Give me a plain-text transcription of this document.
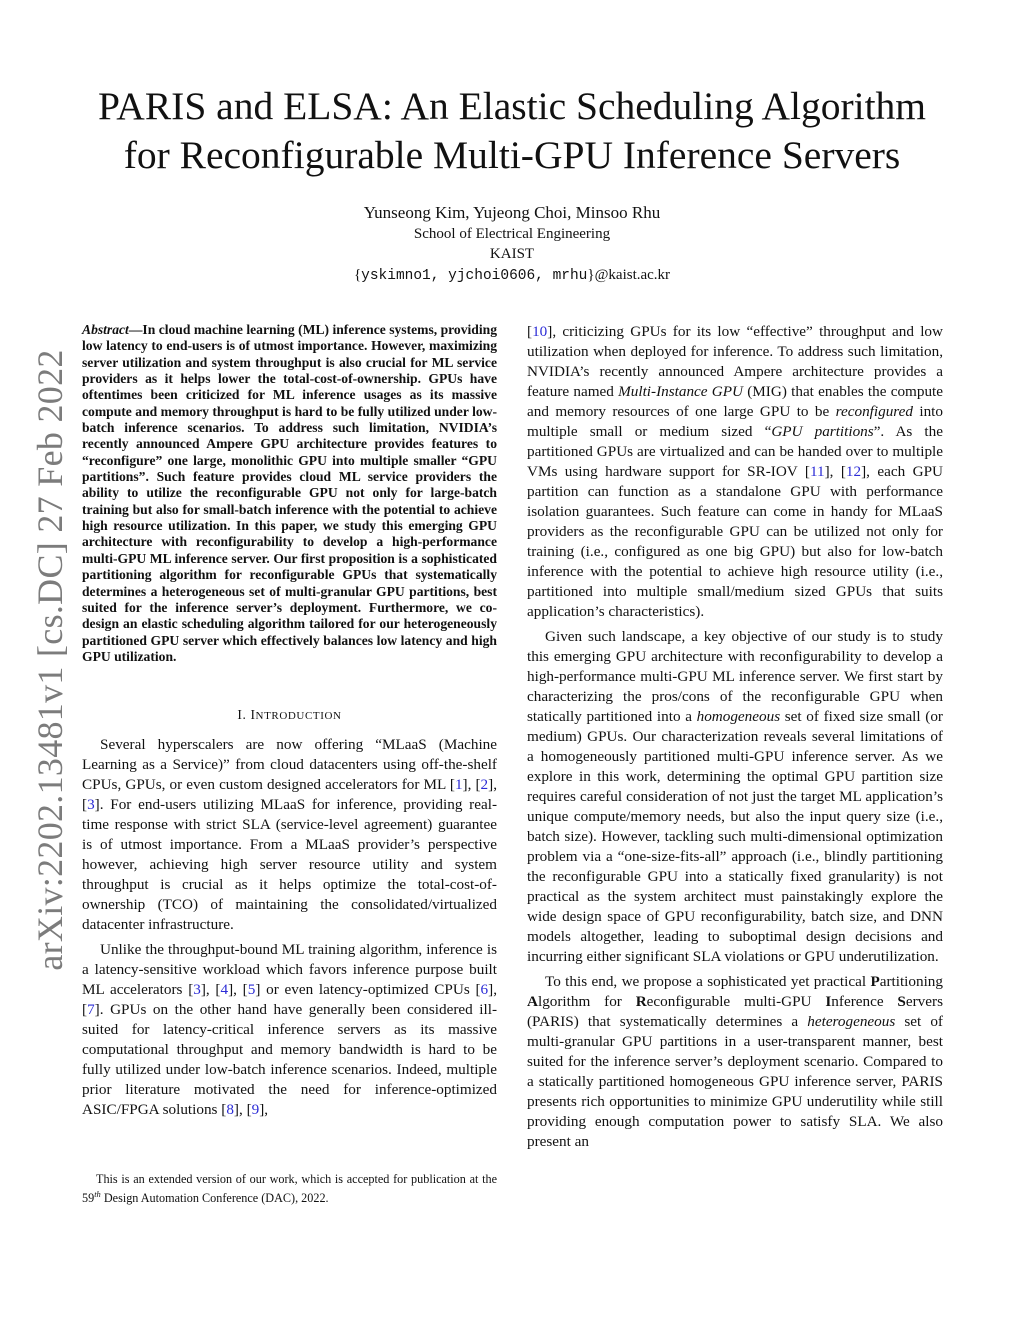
arXiv:2202.13481v1 [cs.DC] 27 Feb 2022
PARIS and ELSA: An Elastic Scheduling Algorithm
for Reconfigurable Multi-GPU Inference Servers
Yunseong Kim, Yujeong Choi, Minsoo Rhu
School of Electrical Engineering
KAIST
{yskimno1, yjchoi0606, mrhu}@kaist.ac.kr

Abstract—In cloud machine learning (ML) inference systems, providing low latency to end-users is of utmost importance. However, maximizing server utilization and system throughput is also crucial for ML service providers as it helps lower the total-cost-of-ownership. GPUs have oftentimes been criticized for ML inference usages as its massive compute and memory throughput is hard to be fully utilized under low-batch inference scenarios. To address such limitation, NVIDIA’s recently announced Ampere GPU architecture provides features to “reconfigure” one large, monolithic GPU into multiple smaller “GPU partitions”. Such feature provides cloud ML service providers the ability to utilize the reconfigurable GPU not only for large-batch training but also for small-batch inference with the potential to achieve high resource utilization. In this paper, we study this emerging GPU architecture with reconfigurability to develop a high-performance multi-GPU ML inference server. Our first proposition is a sophisticated partitioning algorithm for reconfigurable GPUs that systematically determines a heterogeneous set of multi-granular GPU partitions, best suited for the inference server’s deployment. Furthermore, we co-design an elastic scheduling algorithm tailored for our heterogeneously partitioned GPU server which effectively balances low latency and high GPU utilization.

I. INTRODUCTION

Several hyperscalers are now offering “MLaaS (Machine Learning as a Service)” from cloud datacenters using off-the-shelf CPUs, GPUs, or even custom designed accelerators for ML [1], [2], [3]. For end-users utilizing MLaaS for inference, providing real-time response with strict SLA (service-level agreement) guarantee is of utmost importance. From a MLaaS provider’s perspective however, achieving high server resource utility and system throughput is crucial as it helps optimize the total-cost-of-ownership (TCO) of maintaining the consolidated/virtualized datacenter infrastructure.

Unlike the throughput-bound ML training algorithm, inference is a latency-sensitive workload which favors inference purpose built ML accelerators [3], [4], [5] or even latency-optimized CPUs [6], [7]. GPUs on the other hand have generally been considered ill-suited for latency-critical inference servers as its massive computational throughput and memory bandwidth is hard to be fully utilized under low-batch inference scenarios. Indeed, multiple prior literature motivated the need for inference-optimized ASIC/FPGA solutions [8], [9],

This is an extended version of our work, which is accepted for publication at the 59th Design Automation Conference (DAC), 2022.

[10], criticizing GPUs for its low “effective” throughput and low utilization when deployed for inference. To address such limitation, NVIDIA’s recently announced Ampere architecture provides a feature named Multi-Instance GPU (MIG) that enables the compute and memory resources of one large GPU to be reconfigured into multiple small or medium sized “GPU partitions”. As the partitioned GPUs are virtualized and can be handed over to multiple VMs using hardware support for SR-IOV [11], [12], each GPU partition can function as a standalone GPU with performance isolation guarantees. Such feature can come in handy for MLaaS providers as the reconfigurable GPU can be utilized not only for training (i.e., configured as one big GPU) but also for low-batch inference with the potential to achieve high resource utility (i.e., partitioned into multiple small/medium sized GPUs that suits application’s characteristics).

Given such landscape, a key objective of our study is to study this emerging GPU architecture with reconfigurability to develop a high-performance multi-GPU ML inference server. We first start by characterizing the pros/cons of the reconfigurable GPU when statically partitioned into a homogeneous set of fixed size small (or medium) GPUs. Our characterization reveals several limitations of a homogeneously partitioned multi-GPU inference server. As we explore in this work, determining the optimal GPU partition size requires careful consideration of not just the target ML application’s unique compute/memory needs, but also the input query size (i.e., batch size). However, tackling such multi-dimensional optimization problem via a “one-size-fits-all” approach (i.e., blindly partitioning the reconfigurable GPU into a statically fixed granularity) is not practical as the system architect must painstakingly explore the wide design space of GPU reconfigurability, batch size, and DNN models altogether, leading to suboptimal design decisions and incurring either significant SLA violations or GPU underutilization.

To this end, we propose a sophisticated yet practical Partitioning Algorithm for Reconfigurable multi-GPU Inference Servers (PARIS) that systematically determines a heterogeneous set of multi-granular GPU partitions in a user-transparent manner, best suited for the inference server’s deployment scenario. Compared to a statically partitioned homogeneous GPU inference server, PARIS presents rich opportunities to minimize GPU underutility while still providing enough computation power to satisfy SLA. We also present an
